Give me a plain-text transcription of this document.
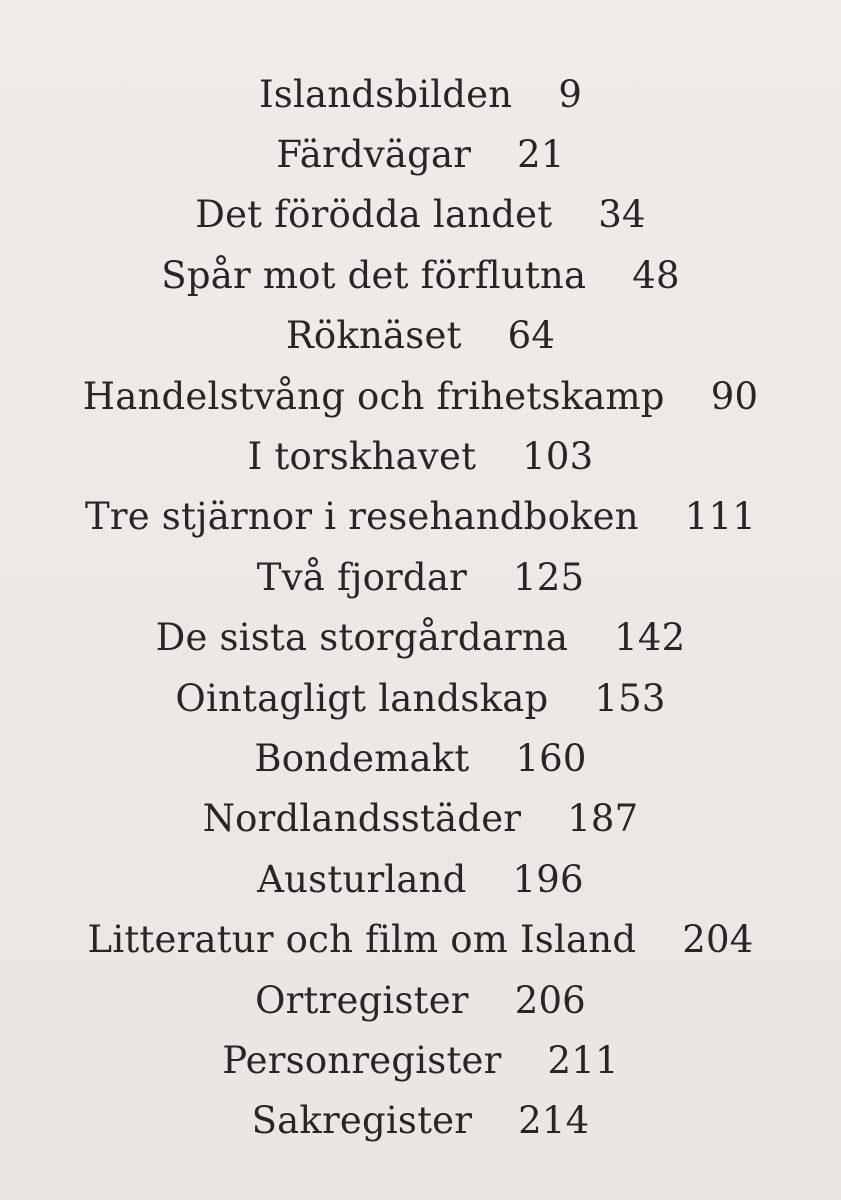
Islandsbilden 9
Färdvägar 21
Det förödda landet 34
Spår mot det förflutna 48
Röknäset 64
Handelstvång och frihetskamp 90
I torskhavet 103
Tre stjärnor i resehandboken 111
Två fjordar 125
De sista storgårdarna 142
Ointagligt landskap 153
Bondemakt 160
Nordlandsstäder 187
Austurland 196
Litteratur och film om Island 204
Ortregister 206
Personregister 211
Sakregister 214
